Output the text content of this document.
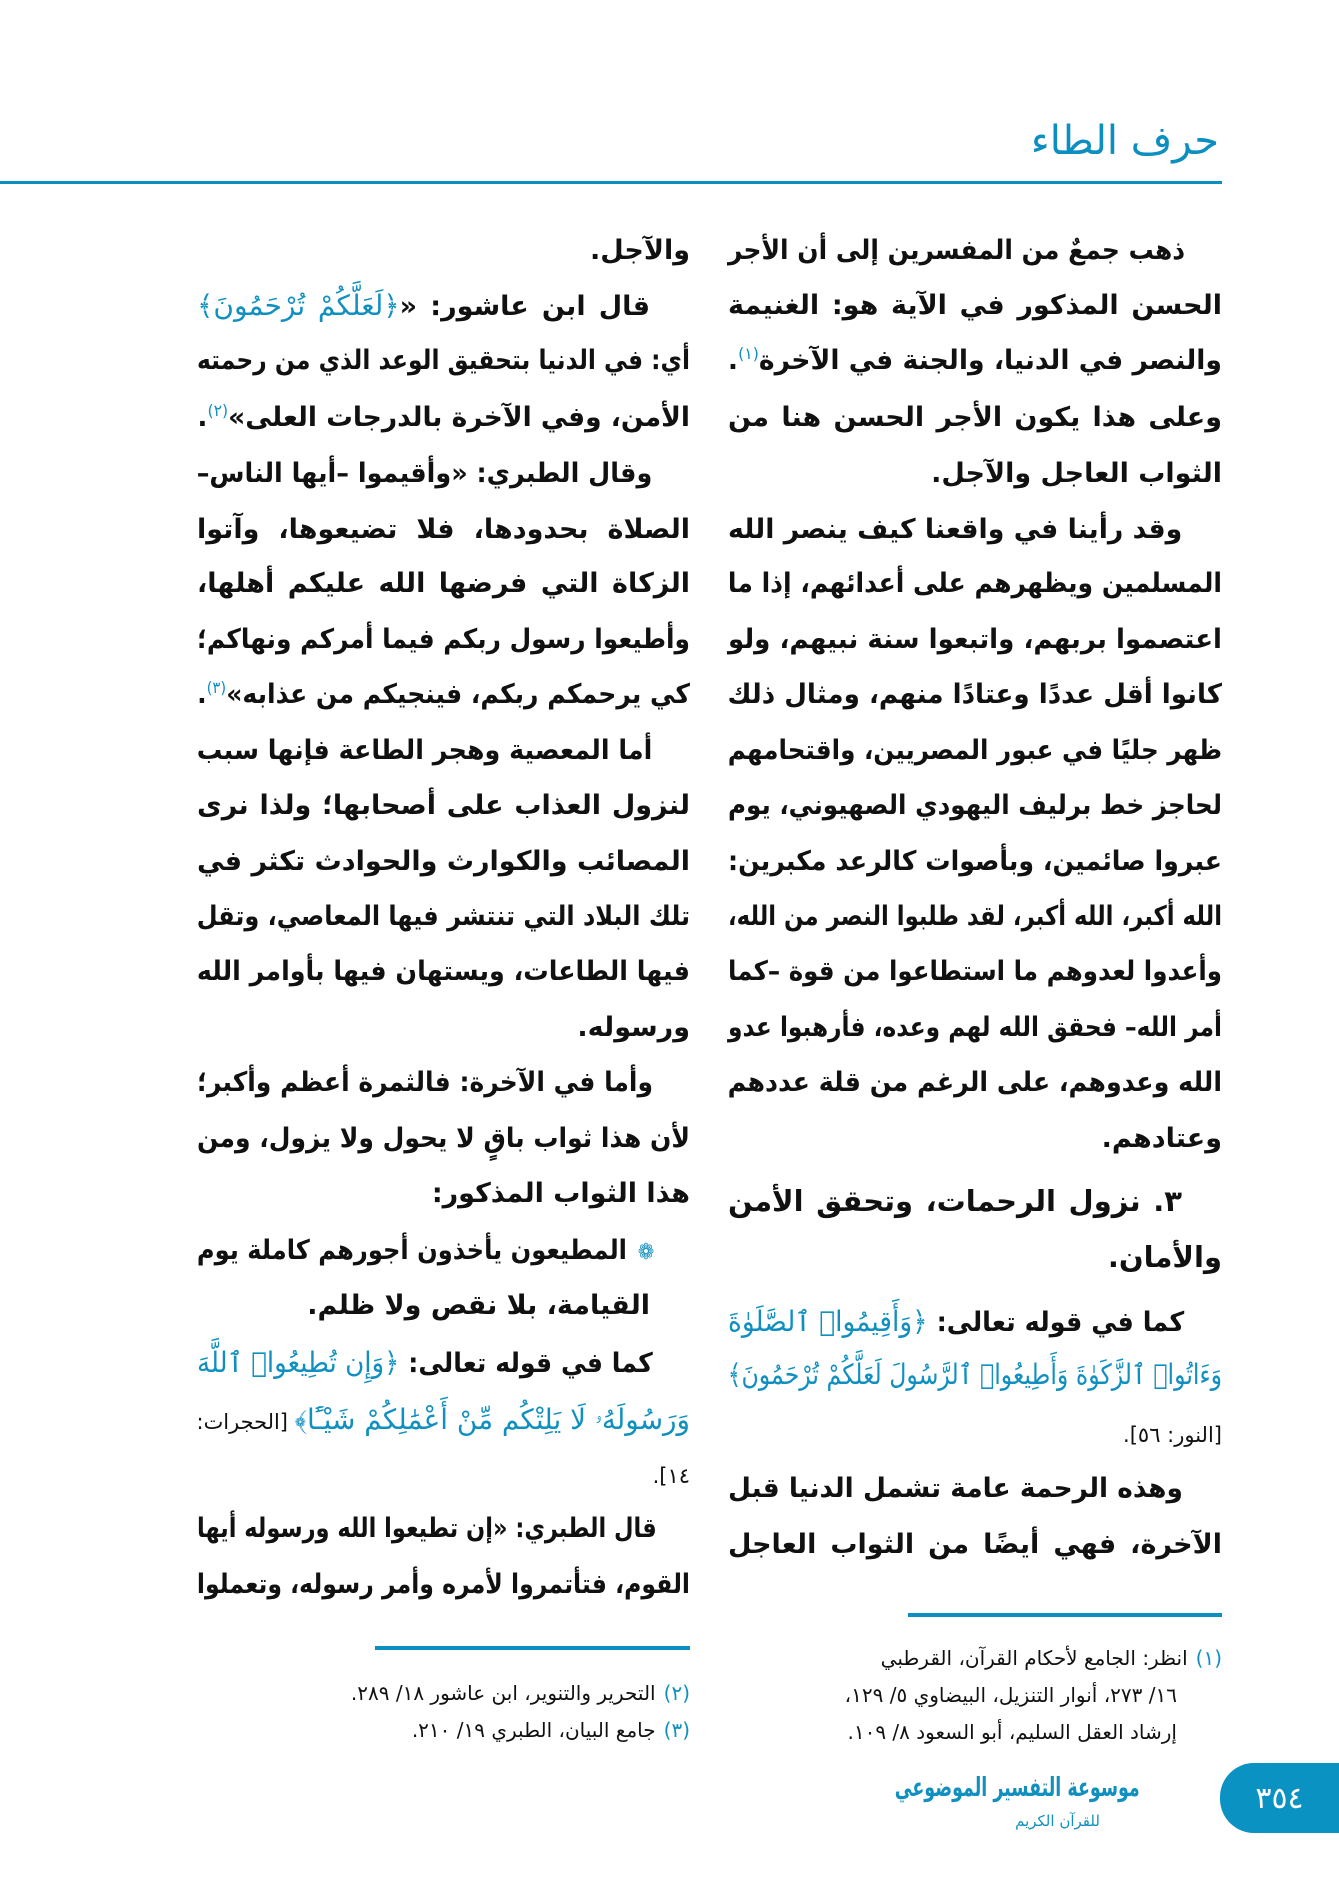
حرف الطاء
ذهب جمعٌ من المفسرين إلى أن الأجر
الحسن المذكور في الآية هو: الغنيمة
والنصر في الدنيا، والجنة في الآخرة$^{(١)}$.
وعلى هذا يكون الأجر الحسن هنا من
الثواب العاجل والآجل.
وقد رأينا في واقعنا كيف ينصر الله
المسلمين ويظهرهم على أعدائهم، إذا ما
اعتصموا بربهم، واتبعوا سنة نبيهم، ولو
كانوا أقل عددًا وعتادًا منهم، ومثال ذلك
ظهر جليًا في عبور المصريين، واقتحامهم
لحاجز خط برليف اليهودي الصهيوني، يوم
عبروا صائمين، وبأصوات كالرعد مكبرين:
الله أكبر، الله أكبر، لقد طلبوا النصر من الله،
وأعدوا لعدوهم ما استطاعوا من قوة –كما
أمر الله– فحقق الله لهم وعده، فأرهبوا عدو
الله وعدوهم، على الرغم من قلة عددهم
وعتادهم.
٣. نزول الرحمات، وتحقق الأمن
والأمان.
كما في قوله تعالى: ﴿وَأَقِيمُوا۟ ٱلصَّلَوٰةَ
وَءَاتُوا۟ ٱلزَّكَوٰةَ وَأَطِيعُوا۟ ٱلرَّسُولَ لَعَلَّكُمْ تُرْحَمُونَ﴾
[النور: ٥٦].
وهذه الرحمة عامة تشمل الدنيا قبل
الآخرة، فهي أيضًا من الثواب العاجل
والآجل.
قال ابن عاشور: «﴿لَعَلَّكُمْ تُرْحَمُونَ﴾
أي: في الدنيا بتحقيق الوعد الذي من رحمته
الأمن، وفي الآخرة بالدرجات العلى»$^{(٢)}$.
وقال الطبري: «وأقيموا –أيها الناس–
الصلاة بحدودها، فلا تضيعوها، وآتوا
الزكاة التي فرضها الله عليكم أهلها،
وأطيعوا رسول ربكم فيما أمركم ونهاكم؛
كي يرحمكم ربكم، فينجيكم من عذابه»$^{(٣)}$.
أما المعصية وهجر الطاعة فإنها سبب
لنزول العذاب على أصحابها؛ ولذا نرى
المصائب والكوارث والحوادث تكثر في
تلك البلاد التي تنتشر فيها المعاصي، وتقل
فيها الطاعات، ويستهان فيها بأوامر الله
ورسوله.
وأما في الآخرة: فالثمرة أعظم وأكبر؛
لأن هذا ثواب باقٍ لا يحول ولا يزول، ومن
هذا الثواب المذكور:
❁المطيعون يأخذون أجورهم كاملة يوم
القيامة، بلا نقص ولا ظلم.
كما في قوله تعالى: ﴿وَإِن تُطِيعُوا۟ ٱللَّهَ
وَرَسُولَهُۥ لَا يَلِتْكُم مِّنْ أَعْمَٰلِكُمْ شَيْـًٔا﴾ [الحجرات:
١٤].
قال الطبري: «إن تطيعوا الله ورسوله أيها
القوم، فتأتمروا لأمره وأمر رسوله، وتعملوا
(١)انظر: الجامع لأحكام القرآن، القرطبي
١٦/ ٢٧٣، أنوار التنزيل، البيضاوي ٥/ ١٢٩،
إرشاد العقل السليم، أبو السعود ٨/ ١٠٩.
(٢)التحرير والتنوير، ابن عاشور ١٨/ ٢٨٩.
(٣)جامع البيان، الطبري ١٩/ ٢١٠.
موسوعة التفسير الموضوعي
للقرآن الكريم
٣٥٤
